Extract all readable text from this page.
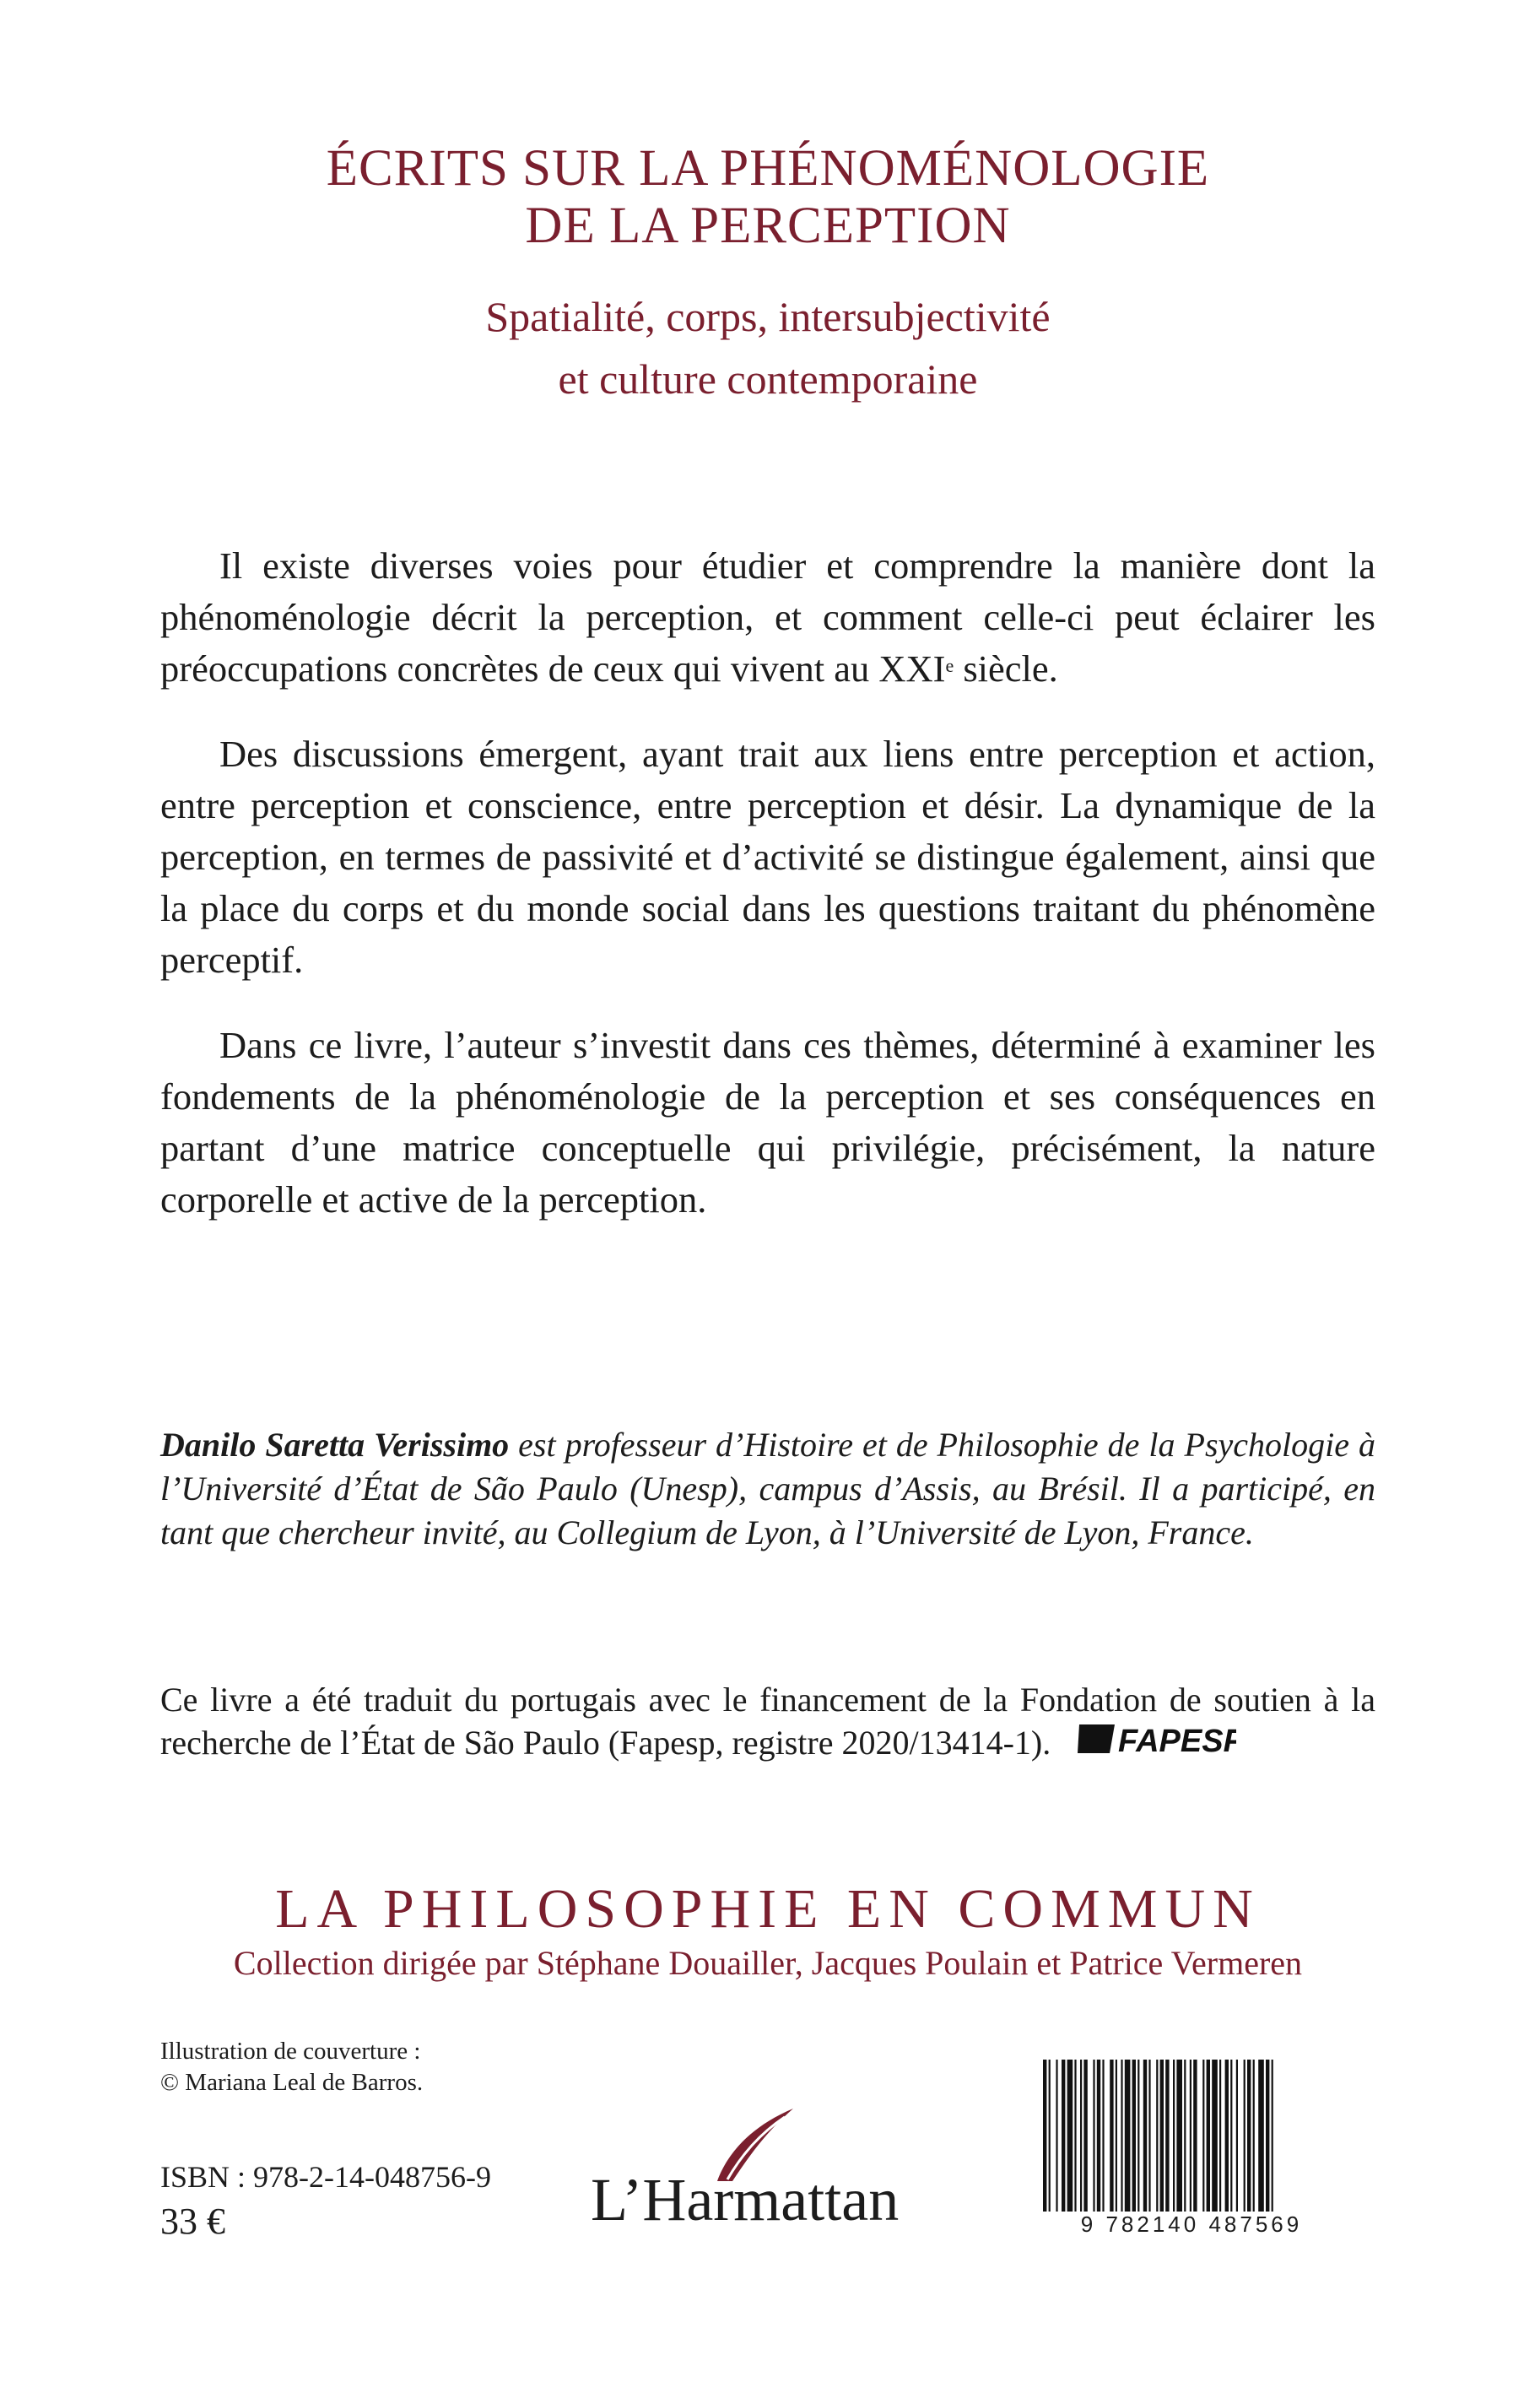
ÉCRITS SUR LA PHÉNOMÉNOLOGIE
DE LA PERCEPTION
Spatialité, corps, intersubjectivité
et culture contemporaine

Il existe diverses voies pour étudier et comprendre la manière dont la phénoménologie décrit la perception, et comment celle-ci peut éclairer les préoccupations concrètes de ceux qui vivent au XXIe siècle.

Des discussions émergent, ayant trait aux liens entre perception et action, entre perception et conscience, entre perception et désir. La dynamique de la perception, en termes de passivité et d’activité se distingue également, ainsi que la place du corps et du monde social dans les questions traitant du phénomène perceptif.

Dans ce livre, l’auteur s’investit dans ces thèmes, déterminé à examiner les fondements de la phénoménologie de la perception et ses conséquences en partant d’une matrice conceptuelle qui privilégie, précisément, la nature corporelle et active de la perception.

Danilo Saretta Verissimo est professeur d’Histoire et de Philosophie de la Psychologie à l’Université d’État de São Paulo (Unesp), campus d’Assis, au Brésil. Il a participé, en tant que chercheur invité, au Collegium de Lyon, à l’Université de Lyon, France.
Ce livre a été traduit du portugais avec le financement de la Fondation de soutien à la recherche de l’État de São Paulo (Fapesp, registre 2020/13414-1). FAPESP
LA PHILOSOPHIE EN COMMUN
Collection dirigée par Stéphane Douailler, Jacques Poulain et Patrice Vermeren
Illustration de couverture :
© Mariana Leal de Barros.
ISBN : 978-2-14-048756-9
33 €	L’Harmattan	9 782140 487569
